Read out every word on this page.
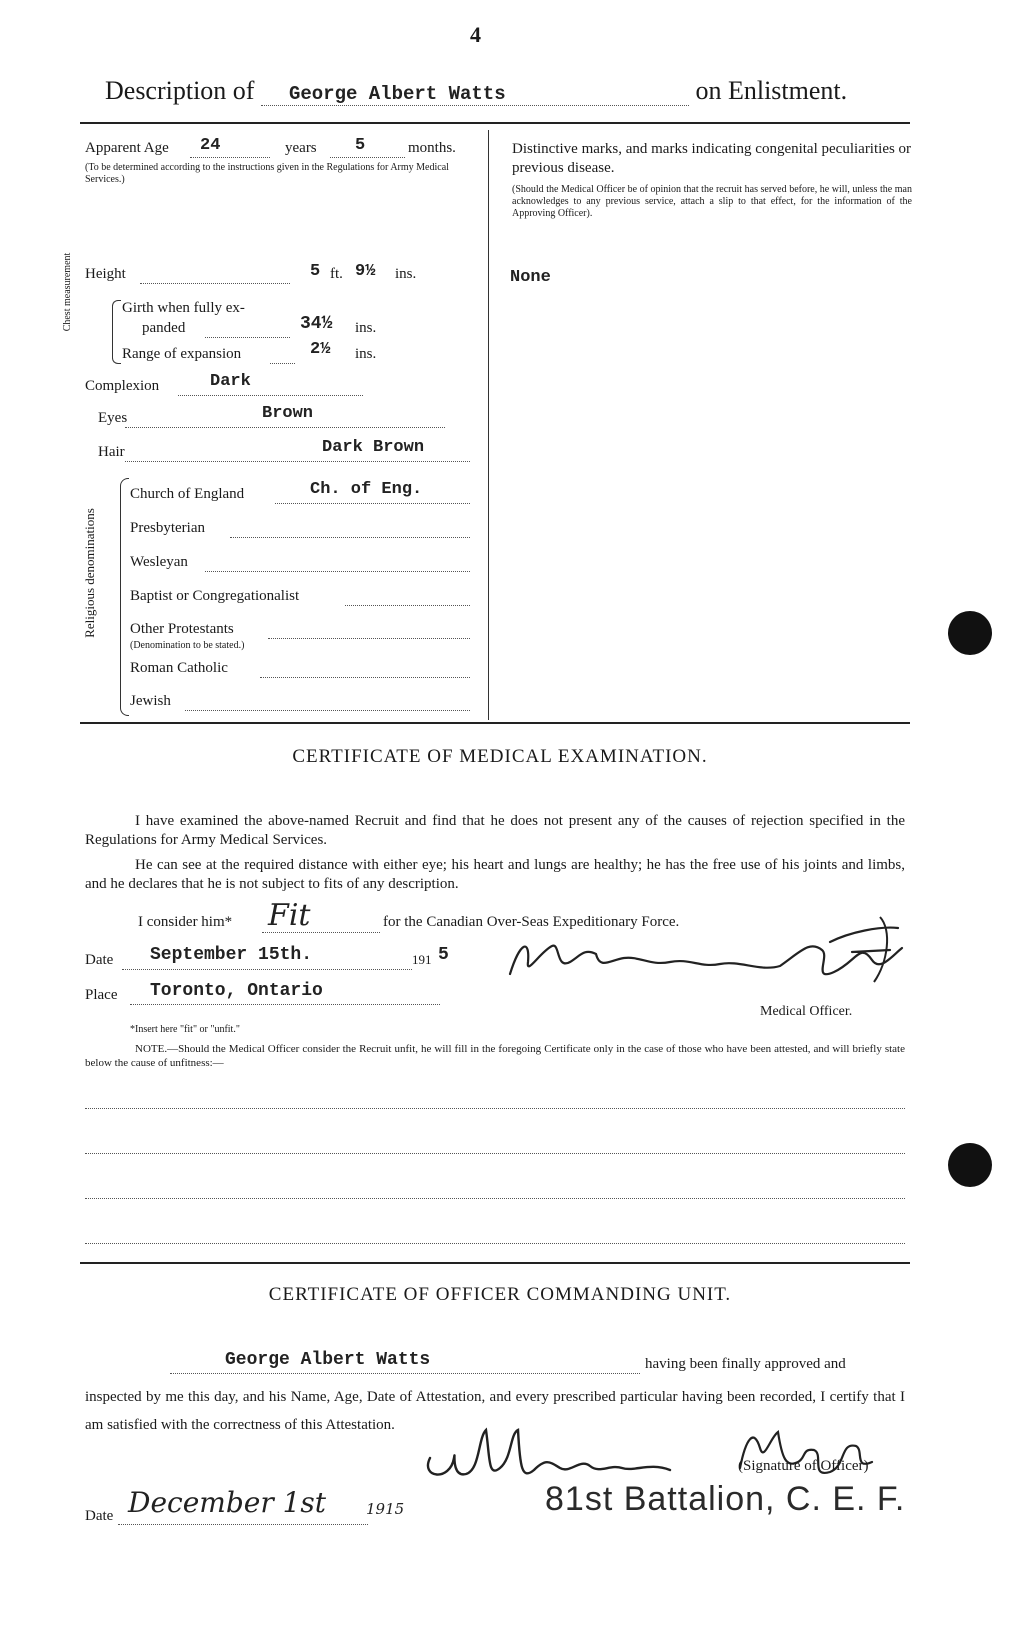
4
Description of George Albert Watts	on Enlistment.
Apparent Age 24	years 5	months.
(To be determined according to the instructions given in the Regulations for Army Medical Services.)
Height	5 ft. 9½ ins.
Chest measurement	Girth when fully ex-
panded	34½ ins.
Range of expansion	2½ ins.
Complexion	Dark
Eyes	Brown
Hair	Dark Brown
Religious denominations
Church of England	Ch. of Eng.
Presbyterian
Wesleyan
Baptist or Congregationalist
Other Protestants
(Denomination to be stated.)
Roman Catholic
Jewish
Distinctive marks, and marks indicating congenital peculiarities or previous disease.
(Should the Medical Officer be of opinion that the recruit has served before, he will, unless the man acknowledges to any previous service, attach a slip to that effect, for the information of the Approving Officer).
None
CERTIFICATE OF MEDICAL EXAMINATION.
I have examined the above-named Recruit and find that he does not present any of the causes of rejection specified in the Regulations for Army Medical Services.
He can see at the required distance with either eye; his heart and lungs are healthy; he has the free use of his joints and limbs, and he declares that he is not subject to fits of any description.
I consider him* Fit	for the Canadian Over-Seas Expeditionary Force.
Date September 15th.	191 5
Place Toronto, Ontario
W H Lowe Lieut
Medical Officer.
*Insert here "fit" or "unfit."
NOTE.—Should the Medical Officer consider the Recruit unfit, he will fill in the foregoing Certificate only in the case of those who have been attested, and will briefly state below the cause of unfitness:—
CERTIFICATE OF OFFICER COMMANDING UNIT.
George Albert Watts	having been finally approved and
inspected by me this day, and his Name, Age, Date of Attestation, and every prescribed particular having been recorded, I certify that I am satisfied with the correctness of this Attestation.	A H Gilmore Major
(Signature of Officer)
Date December 1st	1915	81st Battalion, C. E. F.
